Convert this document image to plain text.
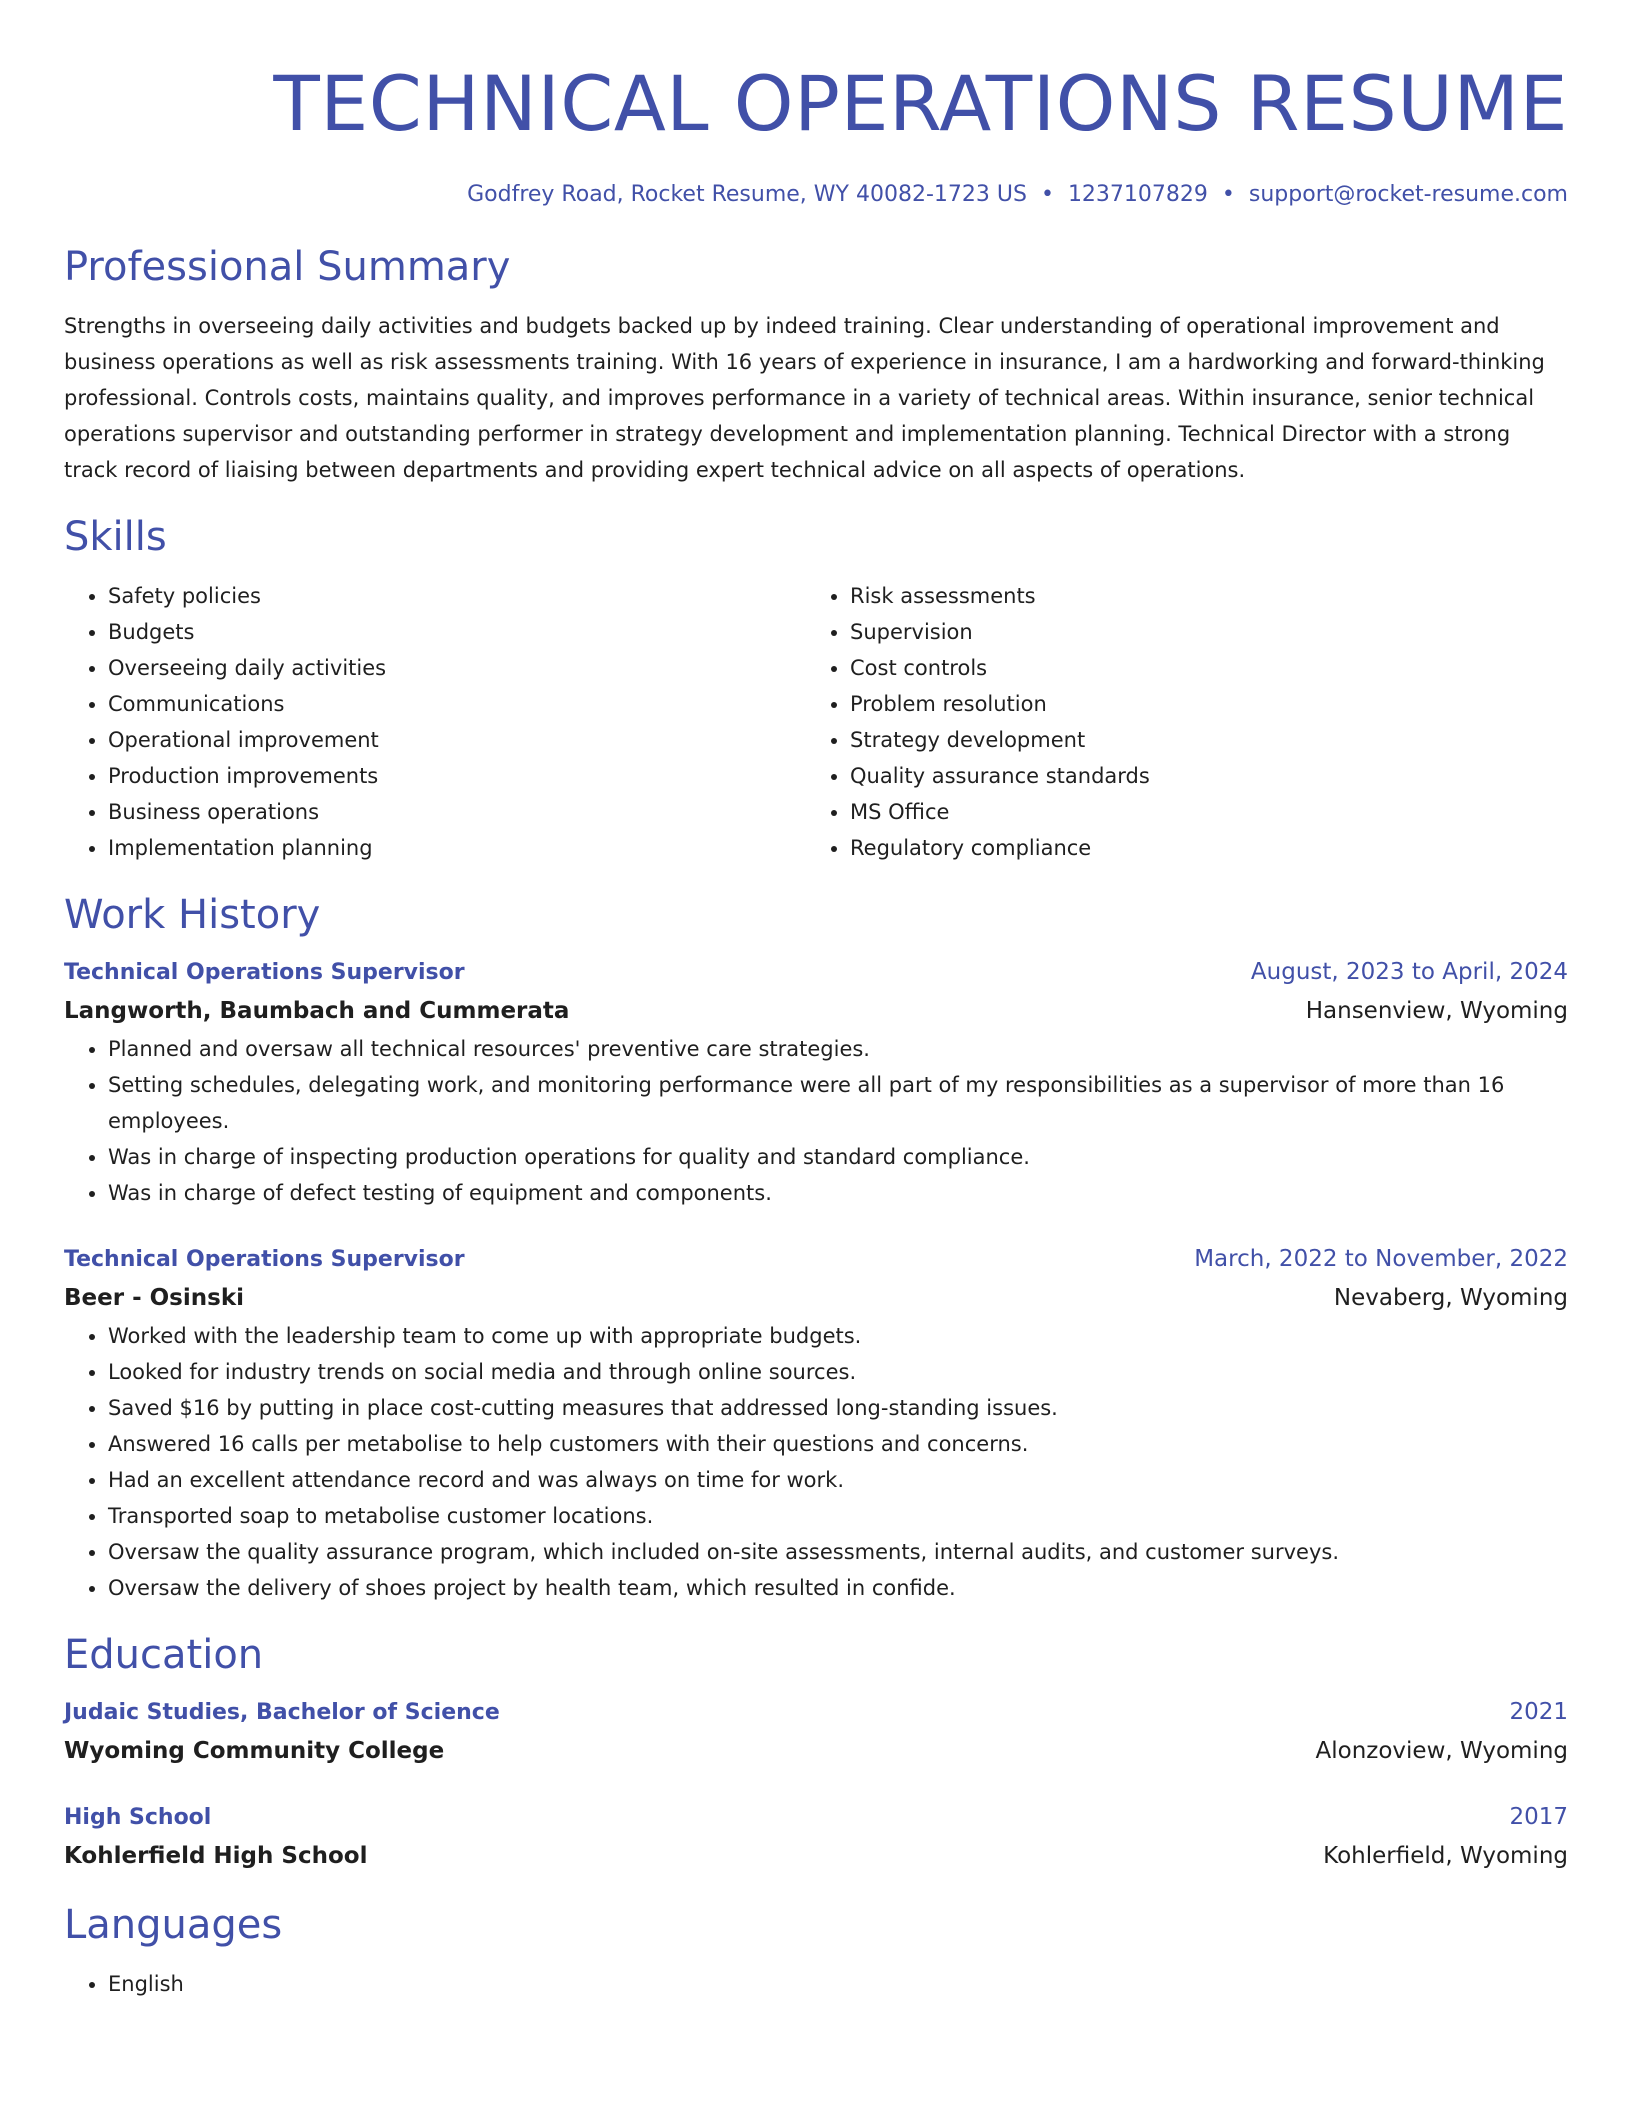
TECHNICAL OPERATIONS RESUME
Godfrey Road, Rocket Resume, WY 40082-1723 US • 1237107829 • support@rocket-resume.com
Professional Summary

Strengths in overseeing daily activities and budgets backed up by indeed training. Clear understanding of operational improvement and business operations as well as risk assessments training. With 16 years of experience in insurance, I am a hardworking and forward-thinking professional. Controls costs, maintains quality, and improves performance in a variety of technical areas. Within insurance, senior technical operations supervisor and outstanding performer in strategy development and implementation planning. Technical Director with a strong track record of liaising between departments and providing expert technical advice on all aspects of operations.

Skills
• Safety policies
• Budgets
• Overseeing daily activities
• Communications
• Operational improvement
• Production improvements
• Business operations
• Implementation planning
• Risk assessments
• Supervision
• Cost controls
• Problem resolution
• Strategy development
• Quality assurance standards
• MS Office
• Regulatory compliance
Work History
Technical Operations Supervisor	August, 2023 to April, 2024
Langworth, Baumbach and Cummerata	Hansenview, Wyoming
• Planned and oversaw all technical resources' preventive care strategies.
• Setting schedules, delegating work, and monitoring performance were all part of my responsibilities as a supervisor of more than 16 employees.
• Was in charge of inspecting production operations for quality and standard compliance.
• Was in charge of defect testing of equipment and components.
Technical Operations Supervisor	March, 2022 to November, 2022
Beer - Osinski	Nevaberg, Wyoming
• Worked with the leadership team to come up with appropriate budgets.
• Looked for industry trends on social media and through online sources.
• Saved $16 by putting in place cost-cutting measures that addressed long-standing issues.
• Answered 16 calls per metabolise to help customers with their questions and concerns.
• Had an excellent attendance record and was always on time for work.
• Transported soap to metabolise customer locations.
• Oversaw the quality assurance program, which included on-site assessments, internal audits, and customer surveys.
• Oversaw the delivery of shoes project by health team, which resulted in confide.
Education
Judaic Studies, Bachelor of Science	2021
Wyoming Community College	Alonzoview, Wyoming
High School	2017
Kohlerfield High School	Kohlerfield, Wyoming
Languages
• English
